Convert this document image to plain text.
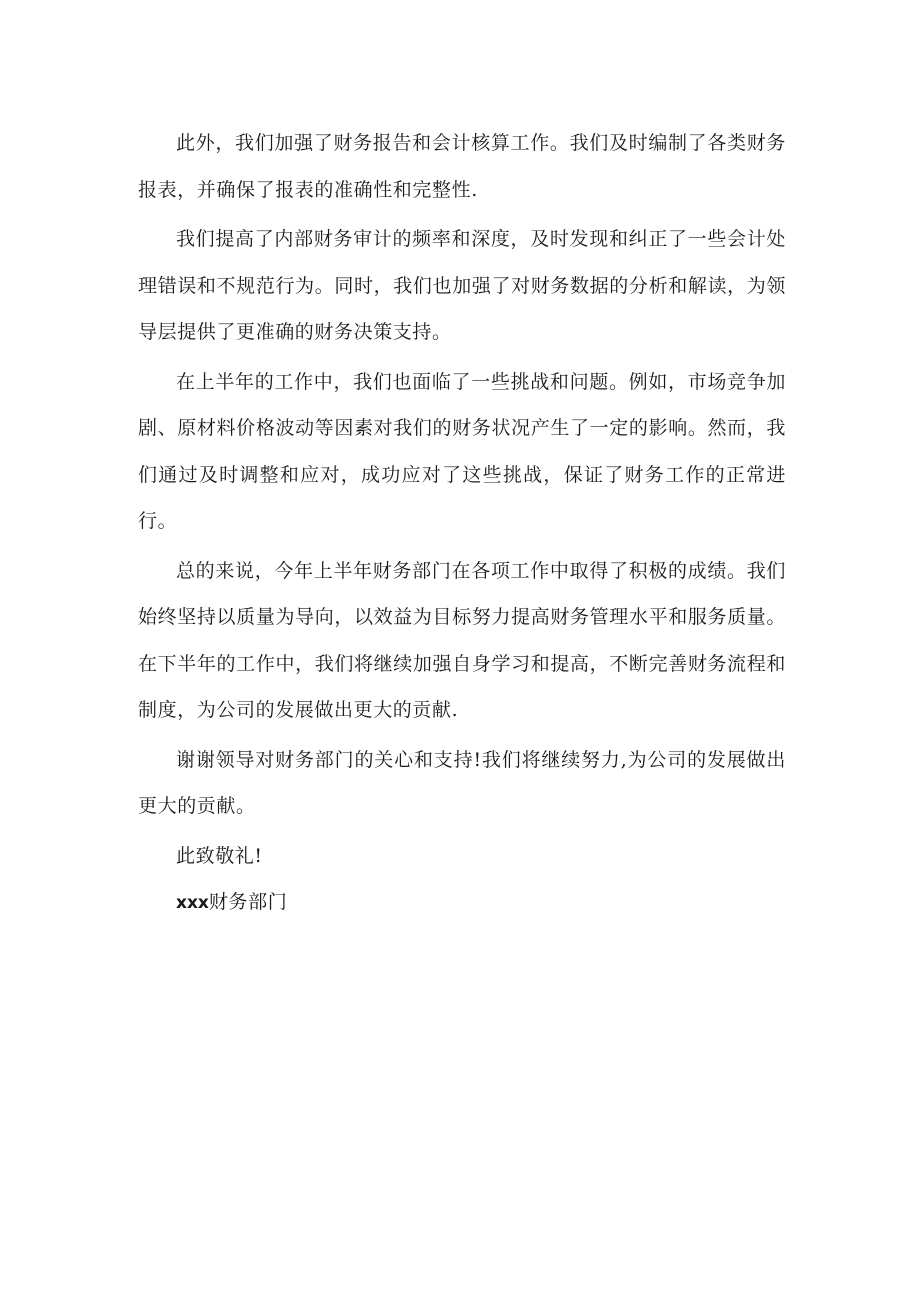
此外，我们加强了财务报告和会计核算工作。我们及时编制了各类财务报表，并确保了报表的准确性和完整性.

我们提高了内部财务审计的频率和深度，及时发现和纠正了一些会计处理错误和不规范行为。同时，我们也加强了对财务数据的分析和解读，为领导层提供了更准确的财务决策支持。

在上半年的工作中，我们也面临了一些挑战和问题。例如，市场竞争加剧、原材料价格波动等因素对我们的财务状况产生了一定的影响。然而，我们通过及时调整和应对，成功应对了这些挑战，保证了财务工作的正常进行。

总的来说，今年上半年财务部门在各项工作中取得了积极的成绩。我们始终坚持以质量为导向，以效益为目标努力提高财务管理水平和服务质量。在下半年的工作中，我们将继续加强自身学习和提高，不断完善财务流程和制度，为公司的发展做出更大的贡献.

谢谢领导对财务部门的关心和支持!我们将继续努力,为公司的发展做出更大的贡献。

此致敬礼!

xxx财务部门
